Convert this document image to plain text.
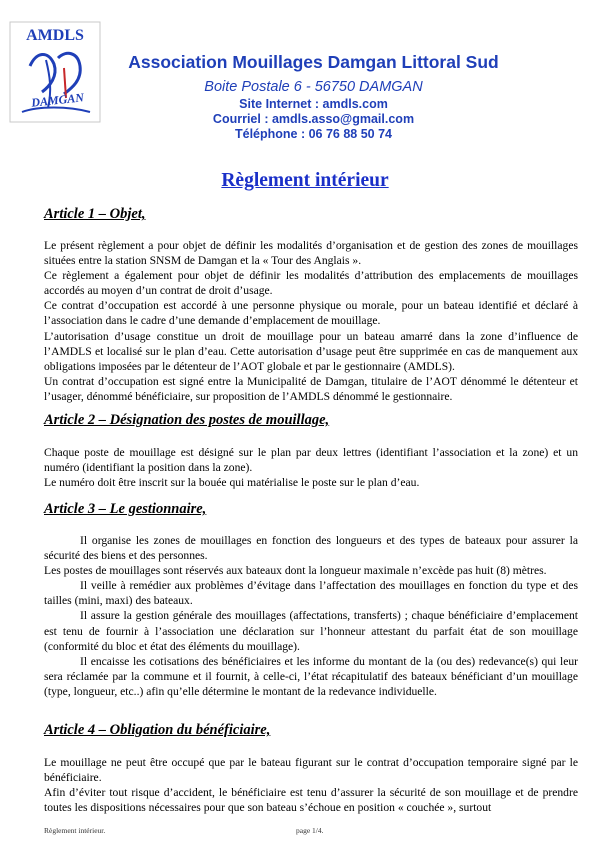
AMDLS
DAMGAN
Association Mouillages Damgan Littoral Sud
Boite Postale 6 - 56750 DAMGAN
Site Internet : amdls.com
Courriel : amdls.asso@gmail.com
Téléphone : 06 76 88 50 74
Règlement intérieur
Article 1 – Objet,

Le présent règlement a pour objet de définir les modalités d’organisation et de gestion des zones de mouillages situées entre la station SNSM de Damgan et la « Tour des Anglais ».

Ce règlement a également pour objet de définir les modalités d’attribution des emplacements de mouillages accordés au moyen d’un contrat de droit d’usage.

Ce contrat d’occupation est accordé à une personne physique ou morale, pour un bateau identifié et déclaré à l’association dans le cadre d’une demande d’emplacement de mouillage.

L’autorisation d’usage constitue un droit de mouillage pour un bateau amarré dans la zone d’influence de l’AMDLS et localisé sur le plan d’eau. Cette autorisation d’usage peut être supprimée en cas de manquement aux obligations imposées par le détenteur de l’AOT globale et par le gestionnaire (AMDLS).

Un contrat d’occupation est signé entre la Municipalité de Damgan, titulaire de l’AOT dénommé le détenteur et l’usager, dénommé bénéficiaire, sur proposition de l’AMDLS dénommé le gestionnaire.

Article 2 – Désignation des postes de mouillage,

Chaque poste de mouillage est désigné sur le plan par deux lettres (identifiant l’association et la zone) et un numéro (identifiant la position dans la zone).

Le numéro doit être inscrit sur la bouée qui matérialise le poste sur le plan d’eau.

Article 3 – Le gestionnaire,

Il organise les zones de mouillages en fonction des longueurs et des types de bateaux pour assurer la sécurité des biens et des personnes.

Les postes de mouillages sont réservés aux bateaux dont la longueur maximale n’excède pas huit (8) mètres.

Il veille à remédier aux problèmes d’évitage dans l’affectation des mouillages en fonction du type et des tailles (mini, maxi) des bateaux.

Il assure la gestion générale des mouillages (affectations, transferts) ; chaque bénéficiaire d’emplacement est tenu de fournir à l’association une déclaration sur l’honneur attestant du parfait état de son mouillage (conformité du bloc et état des éléments du mouillage).

Il encaisse les cotisations des bénéficiaires et les informe du montant de la (ou des) redevance(s) qui leur sera réclamée par la commune et il fournit, à celle-ci, l’état récapitulatif des bateaux bénéficiant d’un mouillage (type, longueur, etc..) afin qu’elle détermine le montant de la redevance individuelle.

Article 4 – Obligation du bénéficiaire,

Le mouillage ne peut être occupé que par le bateau figurant sur le contrat d’occupation temporaire signé par le bénéficiaire.

Afin d’éviter tout risque d’accident, le bénéficiaire est tenu d’assurer la sécurité de son mouillage et de prendre toutes les dispositions nécessaires pour que son bateau s’échoue en position « couchée », surtout

Règlement intérieur.	page 1/4.
